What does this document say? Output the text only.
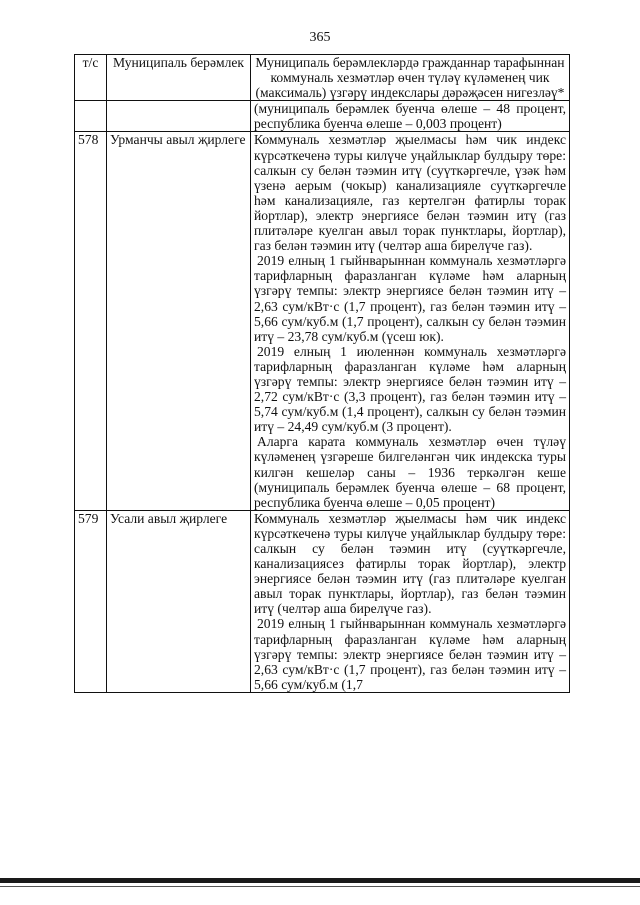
365
т/с	Муниципаль берәмлек	Муниципаль берәмлекләрдә гражданнар тарафыннан коммуналь хезмәтләр өчен түләү күләменең чик (максималь) үзгәрү индекслары дәрәҗәсен нигезләү*
		(муниципаль берәмлек буенча өлеше – 48 процент, республика буенча өлеше – 0,003 процент)
578	Урманчы авыл җирлеге	Коммуналь хезмәтләр җыелмасы һәм чик индекс күрсәткеченә туры килүче уңайлыклар булдыру төре: салкын су белән тәэмин итү (суүткәргечле, үзәк һәм үзенә аерым (чокыр) канализацияле суүткәргечле һәм канализацияле, газ кертелгән фатирлы торак йортлар), электр энергиясе белән тәэмин итү (газ плитәләре куелган авыл торак пунктлары, йортлар), газ белән тәэмин итү (челтәр аша бирелүче газ).

2019 елның 1 гыйнварыннан коммуналь хезмәтләргә тарифларның фаразланган күләме һәм аларның үзгәрү темпы: электр энергиясе белән тәэмин итү – 2,63 сум/кВт·с (1,7 процент), газ белән тәэмин итү – 5,66 сум/куб.м (1,7 процент), салкын су белән тәэмин итү – 23,78 сум/куб.м (үсеш юк).

2019 елның 1 июленнән коммуналь хезмәтләргә тарифларның фаразланган күләме һәм аларның үзгәрү темпы: электр энергиясе белән тәэмин итү – 2,72 сум/кВт·с (3,3 процент), газ белән тәэмин итү – 5,74 сум/куб.м (1,4 процент), салкын су белән тәэмин итү – 24,49 сум/куб.м (3 процент).

Аларга карата коммуналь хезмәтләр өчен түләү күләменең үзгәреше билгеләнгән чик индекска туры килгән кешеләр саны – 1936 теркәлгән кеше (муниципаль берәмлек буенча өлеше – 68 процент, республика буенча өлеше – 0,05 процент)

579	Усали авыл җирлеге	Коммуналь хезмәтләр җыелмасы һәм чик индекс күрсәткеченә туры килүче уңайлыклар булдыру төре: салкын су белән тәэмин итү (суүткәргечле, канализациясез фатирлы торак йортлар), электр энергиясе белән тәэмин итү (газ плитәләре куелган авыл торак пунктлары, йортлар), газ белән тәэмин итү (челтәр аша бирелүче газ).

2019 елның 1 гыйнварыннан коммуналь хезмәтләргә тарифларның фаразланган күләме һәм аларның үзгәрү темпы: электр энергиясе белән тәэмин итү – 2,63 сум/кВт·с (1,7 процент), газ белән тәэмин итү – 5,66 сум/куб.м (1,7
